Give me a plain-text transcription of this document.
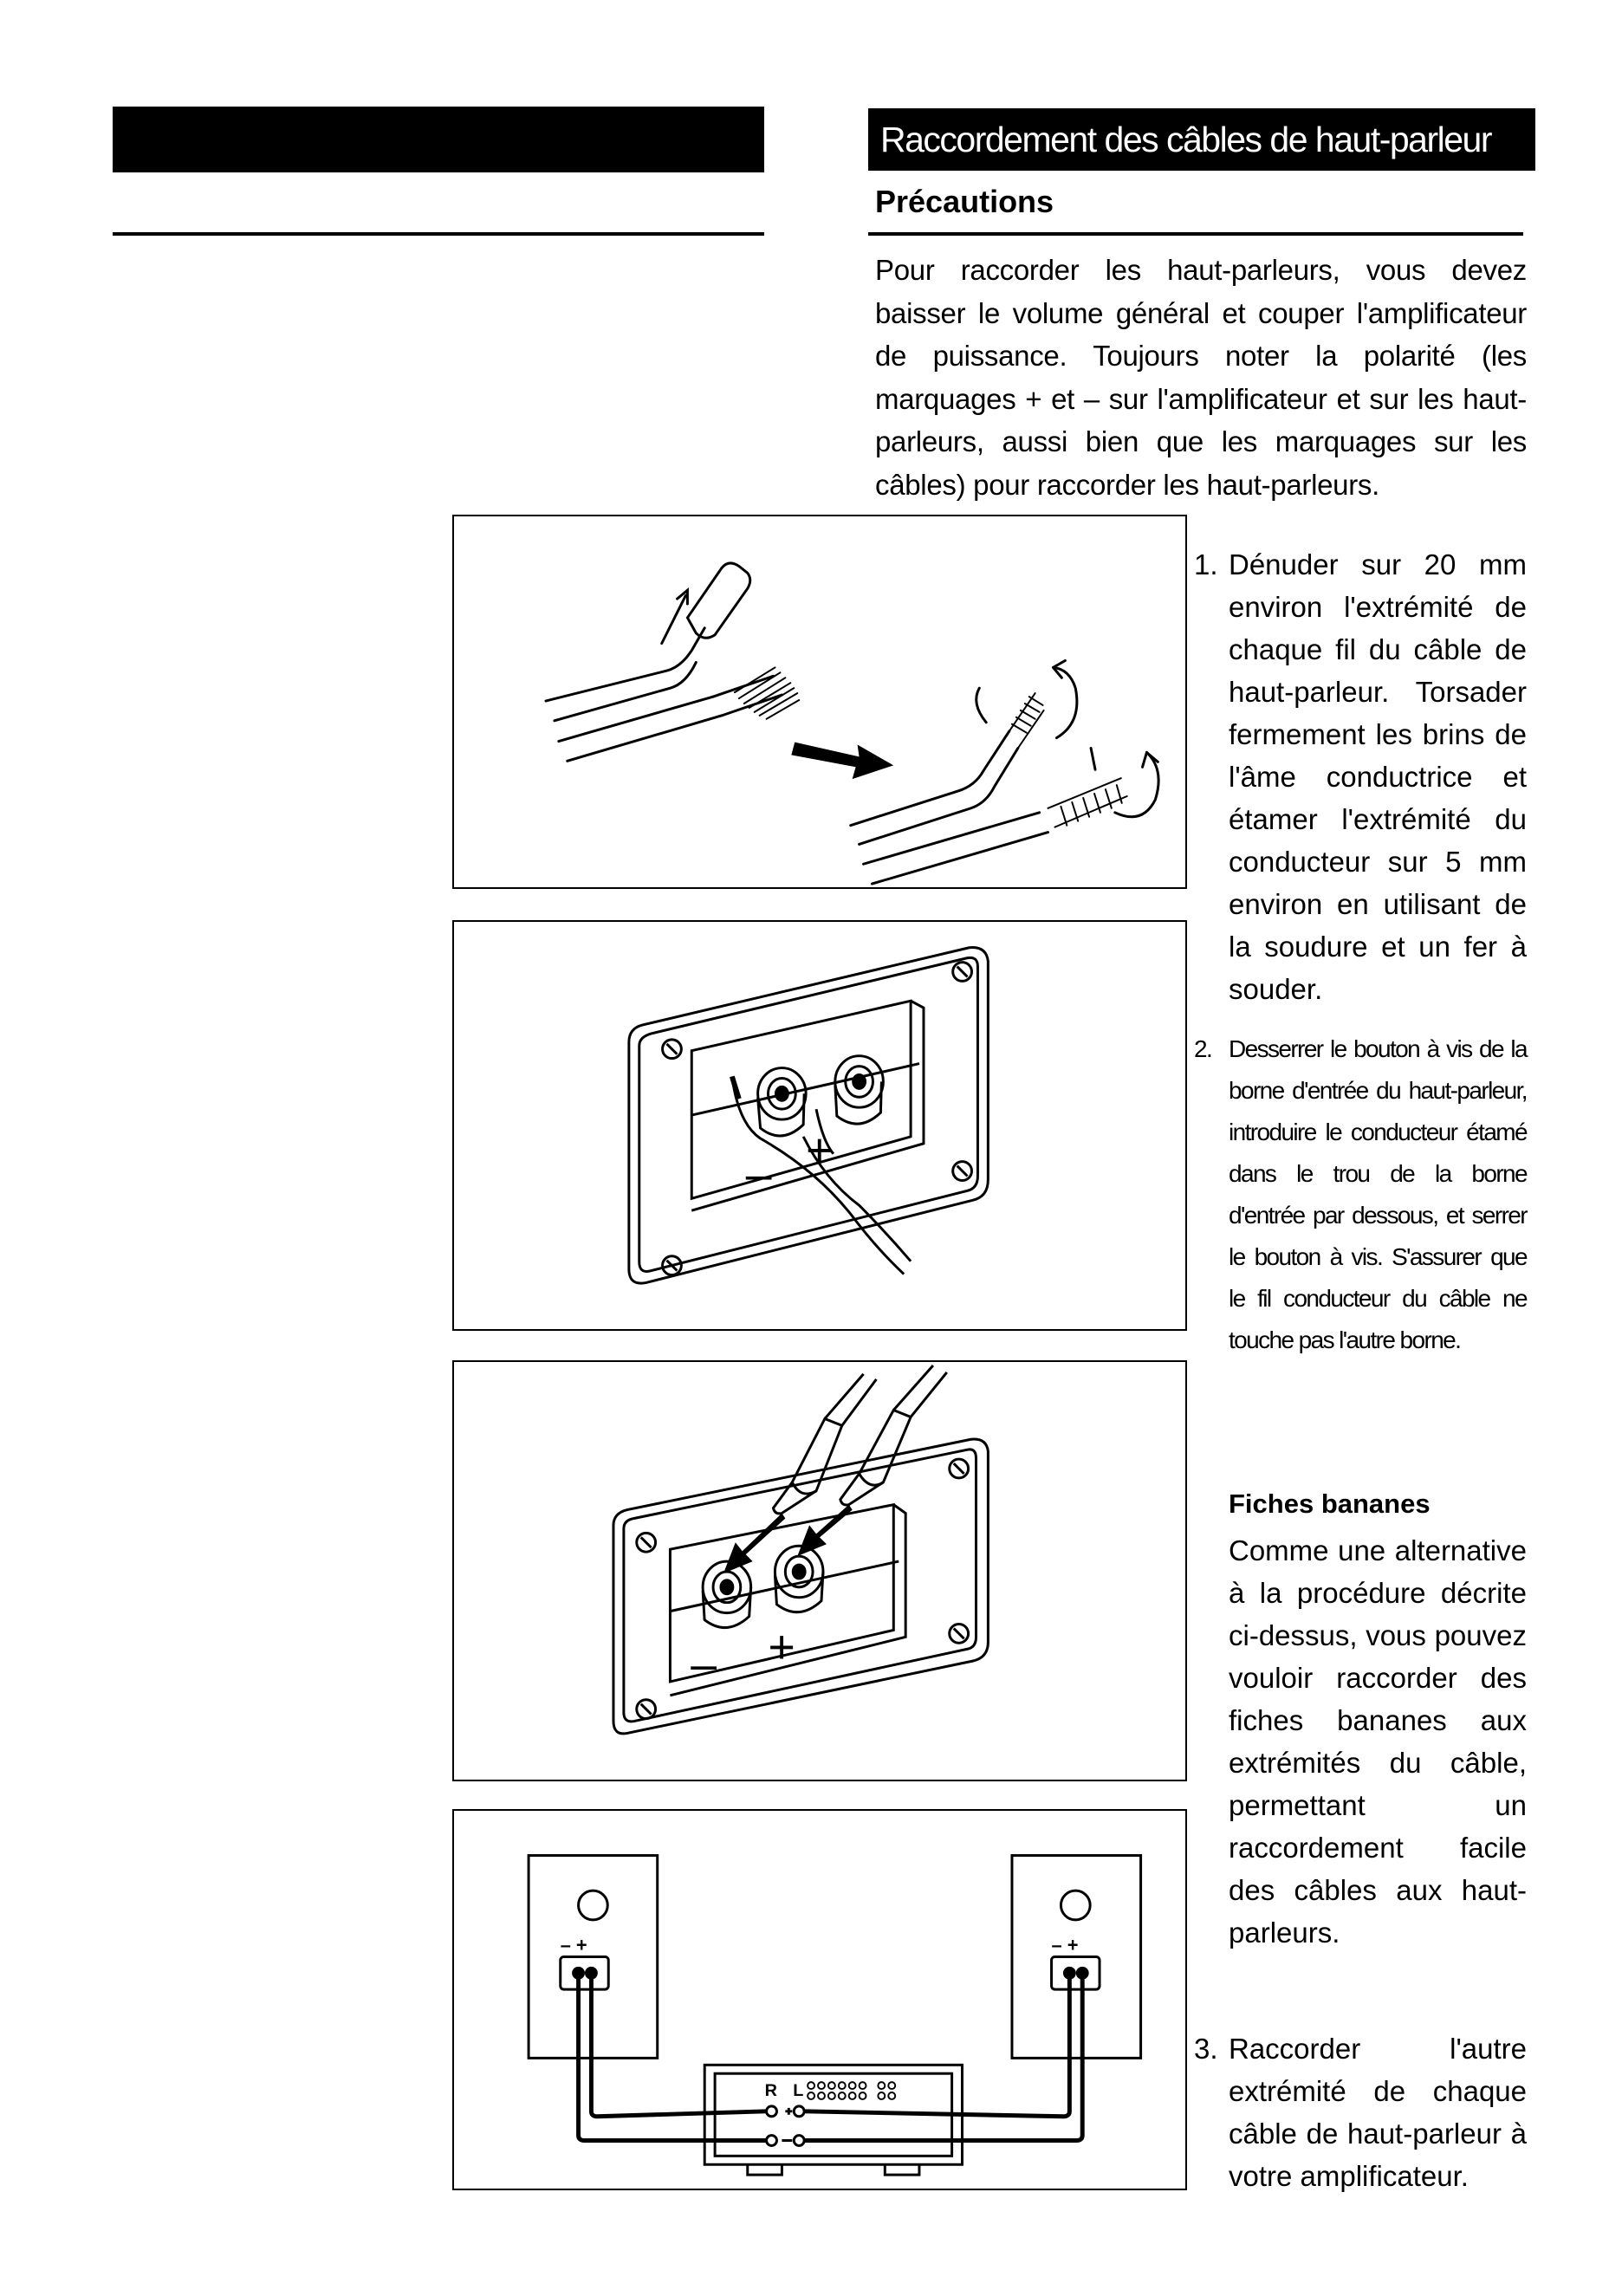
Raccordement des câbles de haut-parleur
Précautions
Pour raccorder les haut-parleurs, vous devez baisser le volume général et couper l'amplificateur de puissance. Toujours noter la polarité (les marquages + et – sur l'amplificateur et sur les haut-parleurs, aussi bien que les marquages sur les câbles) pour raccorder les haut-parleurs.
– +
– +
– +	– +
R L
1. Dénuder sur 20 mm environ l'extrémité de chaque fil du câble de haut-parleur. Torsader fermement les brins de l'âme conductrice et étamer l'extrémité du conducteur sur 5 mm environ en utilisant de la soudure et un fer à souder.
2. Desserrer le bouton à vis de la borne d'entrée du haut-parleur, introduire le conducteur étamé dans le trou de la borne d'entrée par dessous, et serrer le bouton à vis. S'assurer que le fil conducteur du câble ne touche pas l'autre borne.
Fiches bananes
Comme une alternative à la procédure décrite ci-dessus, vous pouvez vouloir raccorder des fiches bananes aux extrémités du câble, permettant un raccordement facile des câbles aux haut-parleurs.
3. Raccorder l'autre extrémité de chaque câble de haut-parleur à votre amplificateur.
